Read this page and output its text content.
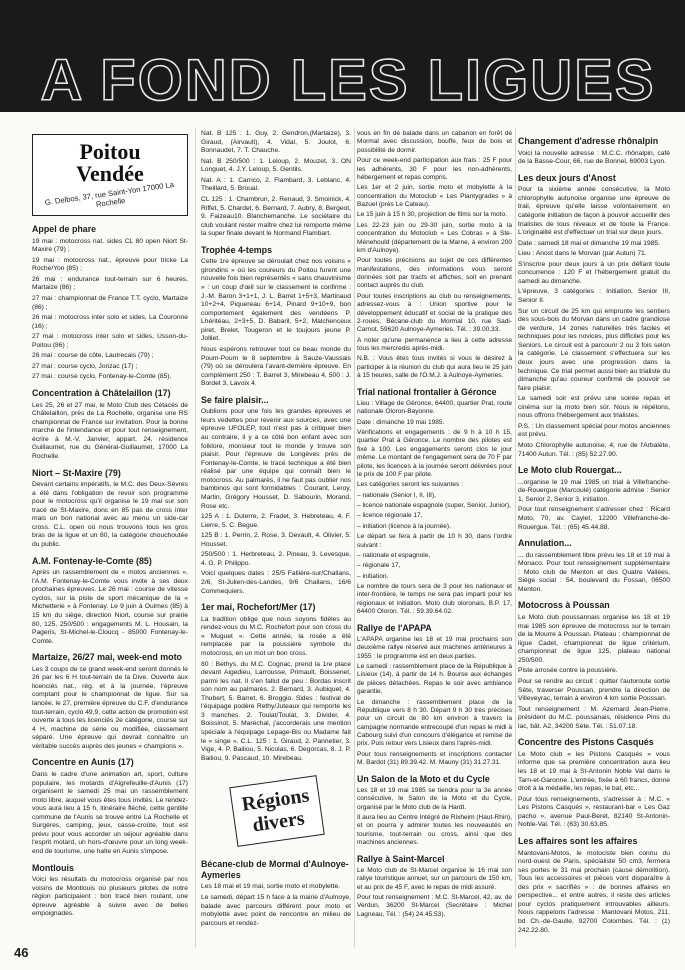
A FOND LES LIGUES
Poitou
Vendée
G. Delbos, 37, rue Saint-Yon 17000 La Rochelle
Appel de phare

19 mai : motocross nat. sides CL 80 open Niort St-Maxire (79) ;

19 mai : motocross nat., épreuve pour tricke La Roche/Yon (85) ;

26 mai : endurance tout-terrain sur 6 heures, Martaize (86) ;

27 mai : championnat de France T.T. cyclo, Martaize (86) ;

26 mai : motocross inter solo et sides, La Couronne (16) ;

27 mai : motocross inter solo et sides, Usson-du-Poitou (86) ;

26 mai : course de côte, Lautrecais (79) ;

27 mai : course cyclo, Jonzac (17) ;

27 mai : course cyclo, Fontenay-le-Comte (85).

Concentration à Châtelaillon (17)

Les 25, 26 et 27 mai, le Moto Club des Cétacés de Châtelaillon, près de La Rochelle, organise une RS championnat de France sur invitation. Pour la bonne marche de l'intendance et pour tout renseignement, écrire à M.-V. Janvier, appart. 24, résidence Guillaumet, rue du Général-Guillaumet, 17000 La Rochelle.

Niort – St-Maxire (79)

Devant certains impératifs, le M.C. des Deux-Sèvres a été dans l'obligation de revoir son programme pour le motocross qu'il organise le 19 mai sur son tracé de St-Maxire, donc en 85 pas de cross inter mais un bon national avec au menu un side-car cross. C.L. open où nous trouvons tous les gros bras de la ligue et un 80, la catégorie chouchoutée du public.

A.M. Fontenay-le-Comte (85)

Après un rassemblement de « motos anciennes », l'A.M. Fontenay-le-Comte vous invite à ses deux prochaines épreuves. Le 26 mai : course de vitesse cyclos, sur la piste de sport mécanique de la « Michetterie » à Fontenay. Le 9 juin à Oulmes (85) à 15 km du siège, direction Niort, course sur prairie 80, 125, 250/500 : engagements M. L. Housain, la Pageris, St-Michel-le-Cloucq - 85000 Fontenay-le-Comte.

Martaize, 26/27 mai, week-end moto

Les 3 coups de ce grand week-end seront donnés le 26 par les 6 H tout-terrain de la Dive. Ouverte aux licenciés nat., rég. et à la journée, l'épreuve comptant pour le championnat de ligue. Sur sa lancée, le 27, première épreuve du C.F. d'endurance tout-terrain, cyclo 49,9, cette action de promotion est ouverte à tous les licenciés 2e catégorie, course sur 4 H, machine de série ou modifiée, classement séparé. Une épreuve qui devrait connaître un véritable succès auprès des jeunes « champions ».

Concentre en Aunis (17)

Dans le cadre d'une animation art, sport, culture populaire, les motards d'Aigrefeuille-d'Aunis (17) organisent le samedi 25 mai un rassemblement moto libre, auquel vous êtes tous invités. Le rendez-vous aura lieu à 15 h, itinéraire fléché, cette gentille commune de l'Aunis se trouve entre La Rochelle et Surgères, camping, jeux, casse-croûte, tout est prévu pour vous accorder un séjour agréable dans l'esprit motard, un hors-d'œuvre pour un long week-end de tourisme, une halte en Aunis s'impose.

Montlouis

Voici les résultats du motocross organisé par nos voisins de Montlouis où plusieurs pilotes de notre région participaient : bon tracé bien roulant, une épreuve agréable à suivre avec de belles empoignades.

Nat. B 125 : 1. Guy, 2. Gendron,(Martaize), 3. Giraud, (Airvault), 4. Vidal, 5. Joulot, 6. Bonnaudet, 7. T. Chauche.

Nat. B 250/500 : 1. Leloup, 2. Mouzet, 3. ON Longuet, 4. J.Y. Leloup, 5. Gentils.

Nat. A : 1. Carrico, 2. Flambard, 3. Leblanc, 4. Theillard, 5. Broual.

CL 125 : 1. Chambrun, 2. Renaud, 3. Smoinick, 4. Riffet, 5. Chardet, 6. Bernard, 7. Aubry, 8. Bergeot, 9. Faizeau10. Blanchemanche. Le sociétaire du club voulant rester maître chez lui remporte même la super finale devant le Normand Flambart.

Trophée 4-temps

Cette 1re épreuve se déroulait chez nos voisins « girondins » où les coureurs du Poitou furent une nouvelle fois bien représentés « sans chauvinisme » : un coup d'œil sur le classement le confirme : J.-M. Baron 3+1+1, J. L. Barret 1+5+3, Martinaud 10+2+4, Piquereau 6+14, Pinard 9+10+9, bon comportement également des vendéens P. Lhéritéau, 2+3+5, D. Babaril, 5+2, Malchenceux piret, Brelet, Tougeron et le toujours jeune P. Jolliet.

Nous espérons retrouver tout ce beau monde du Poum-Poum le 8 septembre à Sauze-Vaussais (79) où se déroulera l'avant-dernière épreuve. En complément 250 : T. Barret 3, Mirebeau 4, 500 : J. Bordet 3, Lavoix 4.

Se faire plaisir...

Oublions pour une fois les grandes épreuves et leurs vedettes pour revenir aux sources, avec une épreuve UFOLEP, tout n'est pas à critiquer bien au contraire, il y a ce côté bon enfant avec son folklore, monsieur tout le monde y trouve son plaisir. Pour l'épreuve de Longèves près de Fontenay-le-Comte, le tracé technique a été bien réalisé par une équipe qui connaît bien le motocross. Au palmarès, il ne faut pas oublier nos bambinos qui sont formidables : Courant, Leroy, Martin, Grégory Housset, D. Sabourin, Morand, Rose etc.

125 A : 1. Duterre, 2. Fradet, 3. Hebreteau, 4. F. Lierre, 5. C. Begue.

125 B : 1. Perrin, 2. Rose, 3. Devault, 4. Olivier, 5. Housset.

250/500 : 1. Herbreteau, 2. Pineau, 3. Levesque, 4. G. P. Philippo.

Voici quelques dates : 25/5 Fallière-sur/Challans, 2/6, St-Julien-des-Landes, 9/6 Challans, 16/6 Commequiers.

1er mai, Rochefort/Mer (17)

La tradition oblige que nous soyons fidèles au rendez-vous du M.C. Rochefort pour son cross du « Muguet ». Cette année, la rosée a été remplacée par la poussière symbole du motocross, en un mot un bon cross.

80 : Bethys, du M.C. Cognac, prend la 1re place devant Aigedieu, Larrousse, Primault, Boissenet, parmi les nat. Il s'en fallut de peu : Bordas inscrit son nom au palmarès. 2. Bernard, 3. Aubiquet, 4. Thubert, 5. Barret, 6. Broggio. Sides : festival de l'équipage podère Rethy/Juteaux qui remporte les 3 manches. 2. Toulat/Toulat, 3. Divider, 4. Boissinot, 5. Maréchal, j'accorderais une mention spéciale à l'équipage Lepage-Bis ou Madame fait le « singe ». C.L. 125 : 1. Giraud, 2. Pannetier, 3. Vige, 4. P. Bailiou, 5. Nicolas, 6. Degorcas, 8. J. P. Bailiou, 9. Pascaud, 10. Mirebeau.

Régions
divers
Bécane-club de Mormal d'Aulnoye-Aymeries

Les 18 mai et 19 mai, sortie moto et mobylette.

Le samedi, départ 15 h face à la mairie d'Aulnoye, balade avec parcours différent pour moto et mobylette avec point de rencontre en milieu de parcours et rendez-

vous en fin de balade dans un cabanon en forêt de Mormal avec discussion, bouffe, feux de bois et possibilité de dormir.

Pour ce week-end participation aux frais : 25 F pour les adhérents, 30 F pour les non-adhérents, hébergement et repas compris.

Les 1er et 2 juin, sortie moto et mobylette à la concentration du Motoclub « Les Plantygrades » à Bazuel (près Le Cateau).

Le 15 juin à 15 h 30, projection de films sur la moto.

Les 22-23 juin ou 29-30 juin, sortie moto à la concentration du Motoclub « Les Cobras » à Ste-Ménehould (département de la Marne, à environ 200 km d'Aulnoye).

Pour toutes précisions au sujet de ces différentes manifestations, des informations vous seront données soit par tracts et affiches, soit en prenant contact auprès du club.

Pour toutes inscriptions au club ou renseignements, adressez-vous à : Union sportive pour le développement éducatif et social de la pratique des 2-roues, Bécane-club du Mormal 10, rue Sadi-Carnot, 59620 Aulnoye-Aymeries. Tél. : 39.00.33.

A noter qu'une permanence a lieu à cette adresse tous les mercredis après-midi.

N.B. : Vous êtes tous invités si vous le désirez à participer à la réunion du club qui aura lieu le 25 juin à 15 heures, salle de l'O.M.J. à Aulnoye-Aymeries.

Trial national frontalier à Géronce

Lieu : Village de Géronce, 64400, quartier Prat, route nationale Oloron-Bayonne.

Date : dimanche 19 mai 1985.

Vérifications et engagements : de 9 h à 10 h 15, quartier Prat à Géronce. Le nombre des pilotes est fixé à 100. Les engagements seront clos le jour même. Le montant de l'engagement sera de 70 F par pilote, les licences à la journée seront délivrées pour le prix de 100 F par pilote.

Les catégories seront les suivantes :

– nationale (Senior I, II, III),

– licence nationale espagnole (super, Senior, Junior),

– licence régionale 17,

– initiation (licence à la journée).

Le départ se fera à partir de 10 h 30, dans l'ordre suivant :

– nationale et espagnole,

– régionale 17,

– initiation.

Le nombre de tours sera de 3 pour les nationaux et inter-frontière, le temps ne sera pas imparti pour les régionaux et initiation. Moto club oloronais, B.P. 17, 64400 Oloron. Tél. : 59.39.64.02.

Rallye de l'APAPA

L'APAPA organise les 18 et 19 mai prochains son deuxième rallye réservé aux machines antérieures à 1955 : le programme est en deux parties.

Le samedi : rassemblement place de la République à Lisieux (14), à partir de 14 h. Bourse aux échanges de pièces détachées. Repas le soir avec ambiance garantie.

Le dimanche : rassemblement place de la République vers 8 h 30. Départ 9 h 30 très précises pour un circuit de 80 km environ à travers la campagne normande entrecoupé d'un repas le midi à Cabourg suivi d'un concours d'élégance et remise de prix. Puis retour vers Lisieux dans l'après-midi.

Pour tous renseignements et inscriptions contacter M. Bardot (31) 89.39.42. M. Mauny (31) 31.27.31.

Un Salon de la Moto et du Cycle

Les 18 et 19 mai 1985 se tiendra pour la 3e année consécutive, le Salon de la Moto et du Cycle, organisé par le Moto club de la Hardt.

Il aura lieu au Centre Intégré de Rixheim (Haut-Rhin), et on pourra y admirer toutes les nouveautés en tourisme, tout-terrain ou cross, ainsi que des machines anciennes.

Rallye à Saint-Marcel

Le Moto club de St-Marcel organise le 16 mai son rallye touristique annuel, sur un parcours de 150 km, et au prix de 45 F, avec le repas de midi assuré.

Pour tout renseignement : M.C. St-Marcel, 42, av. de Verdun, 36200 St-Marcel (Secrétaire : Michel Lagneau, Tél. : (54) 24.45.53).

Changement d'adresse rhônalpin

Voici la nouvelle adresse : M.C.C. rhônalpin, café de la Basse-Cour, 66, rue de Bonnel, 69003 Lyon.

Les deux jours d'Anost

Pour la sixième année consécutive, la Moto chlorophylle autunoise organise une épreuve de trail, épreuve qu'elle laisse volontairement en catégorie initiation de façon à pouvoir accueillir des trialistes de tous niveaux et de toute la France. L'originalité est d'effectuer un trial sur deux jours.

Date : samedi 18 mai et dimanche 19 mai 1985.

Lieu : Anost dans le Morvan (par Autun) 71.

S'inscrire pour deux jours à un prix défiant toute concurrence : 120 F et l'hébergement gratuit du samedi au dimanche.

L'épreuve, 3 catégories : Initiation, Senior III, Senior II.

Sur un circuit de 25 km qui emprunte les sentiers des sous-bois du Morvan dans un cadre grandiose de verdure, 14 zones naturelles très faciles et techniques pour les novices, plus difficiles pour les Seniors. Le circuit est à parcourir 2 ou 3 fois selon la catégorie. Le classement s'effectuera sur les deux jours avec une progression dans la technique. Ce trial permet aussi bien au trialiste du dimanche qu'au coureur confirmé de pouvoir se faire plaisir.

Le samedi soir est prévu une soirée repas et cinéma sur la moto bien sûr. Nous le répétons, nous offrons l'hébergement aux trialistes.

P.S. : Un classement spécial pour motos anciennes est prévu.

Moto Chlorophylle autunoise, 4, rue de l'Arbalète, 71400 Autun. Tél. : (85) 52.27.90.

Le Moto club Rouergat...

...organise le 19 mai 1985 un trial à Villefranche-de-Rouergue (Marcoulé) catégorie admise : Senior 1, Senior 2, Senior 3, initiation.

Pour tout renseignement s'adresser chez : Ricard Moto, 70, av. Caylet, 12200 Villefranche-de-Rouergue. Tél. : (65) 45.44.88.

Annulation...

... du rassemblement libre prévu les 18 et 19 mai à Monaco. Pour tout renseignement supplémentaire : Moto club de Menton et des Quatre Vallées, Siège social : 54, boulevard du Fossan, 06500 Menton.

Motocross à Poussan

Le Moto club poussannais organise les 18 et 19 mai 1985 son épreuve de motocross sur le terrain de la Mourre à Poussan. Plateau : championnat de ligue Cadet, championnat de ligue critérium, championnat de ligue 125, plateau national 250/500.

Piste arrosée contre la poussière.

Pour se rendre au circuit : quitter l'autoroute sortie Sète, traverser Poussan, prendre la direction de Villeveyrac, terrain à environ 4 km sortie Poussan.

Tout renseignement : M. Azemard Jean-Pierre, président du M.C. poussanais, résidence Pins du lac, bât. A2, 34200 Sète. Tél. : 51.07.18.

Concentre des Pistons Casqués

Le Moto club « les Pistons Casqués » vous informe que sa première concentration aura lieu les 18 et 19 mai à St-Antonin Noble Val dans le Tarn-et-Garonne. L'entrée, fixée à 60 francs, donne droit à la médaille, les repas, le bal, etc...

Pour tous renseignements, s'adresser à : M.C. « Les Pistons Casqués », restaurant-bar « Les Gaz pacho », avenue Paul-Beret, 82140 St-Antonin-Noble-Val. Tél. : (63) 30.63.85.

Les affaires sont les affaires

Mantovani-Motos, le motociste bien connu du nord-ouest de Paris, spécialiste 50 cm3, fermera ses portes le 31 mai prochain (cause démolition). Tous les accessoires et pièces vont disparaître à des prix « sacrifiés » : de bonnes affaires en perspective... et entre autres, il reste des articles pour cyclos pratiquement introuvables ailleurs. Nous rappelons l'adresse : Mantovani Motos, 211, bd Ch.-de-Gaulle, 92700 Colombes. Tél. : (1) 242.22.80.

46
